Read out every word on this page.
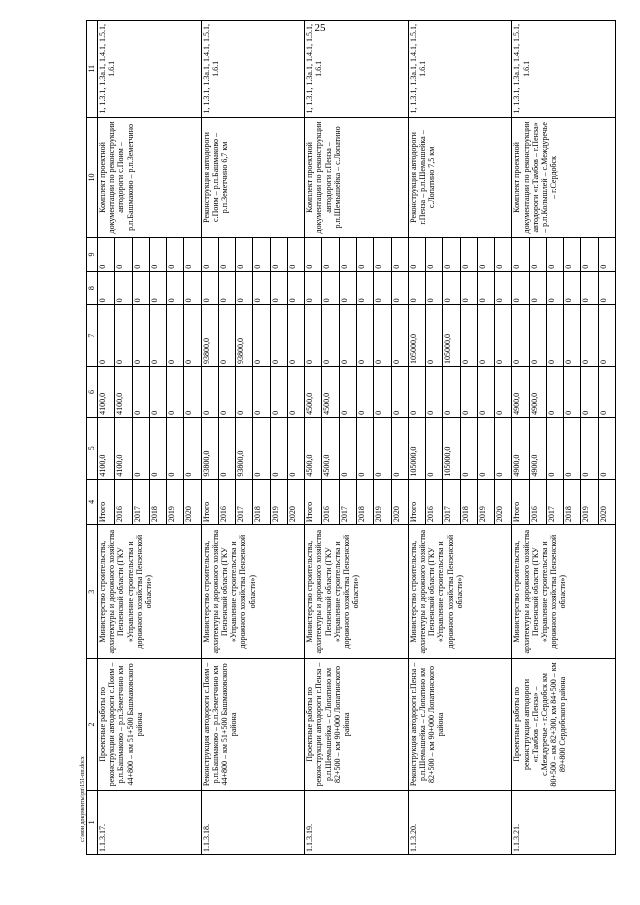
25
c:\мои документы\рп\151-пп.docx 1	2	3	4	5	6	7	8	9	10	11
1.1.3.17.	Проектные работы по реконструкции автодороги с.Поим – р.п.Башмаково – р.п.Земетчино км 44+800 – км 51+500 Башмаковского района	Министерство строительства, архитектуры и дорожного хозяйства Пензенской области (ГКУ «Управление строительства и дорожного хозяйства Пензенской области»)	Итого	4100,0	4100,0	0	0	0	Комплект проектной документации по реконструкции автодороги с.Поим – р.п.Башмаково – р.п.Земетчино	1, 1.3.1, 1.3a.1, 1.4.1, 1.5.1, 1.6.1
			2016	4100,0	4100,0	0	0	0		
			2017	0	0	0	0	0		
			2018	0	0	0	0	0		
			2019	0	0	0	0	0		
			2020	0	0	0	0	0		
1.1.3.18.	Реконструкция автодороги с.Поим – р.п.Башмаково – р.п.Земетчино км 44+800 – км 51+500 Башмаковского района	Министерство строительства, архитектуры и дорожного хозяйства Пензенской области (ГКУ «Управление строительства и дорожного хозяйства Пензенской области»)	Итого	93800,0	0	93800,0	0	0	Реконструкция автодороги с.Поим – р.п.Башмаково – р.п.Земетчино 6,7 км	1, 1.3.1, 1.3a.1, 1.4.1, 1.5.1, 1.6.1
			2016	0	0	0	0	0		
			2017	93800,0	0	93800,0	0	0		
			2018	0	0	0	0	0		
			2019	0	0	0	0	0		
			2020	0	0	0	0	0		
1.1.3.19.	Проектные работы по реконструкции автодороги г.Пенза – р.п.Шемышейка – с.Лопатино км 82+500 – км 90+000 Лопатинского района	Министерство строительства, архитектуры и дорожного хозяйства Пензенской области (ГКУ «Управление строительства и дорожного хозяйства Пензенской области»)	Итого	4500,0	4500,0	0	0	0	Комплект проектной документации по реконструкции автодороги г.Пенза – р.п.Шемышейка – с.Лопатино	1, 1.3.1, 1.3a.1, 1.4.1, 1.5.1, 1.6.1
			2016	4500,0	4500,0	0	0	0		
			2017	0	0	0	0	0		
			2018	0	0	0	0	0		
			2019	0	0	0	0	0		
			2020	0	0	0	0	0		
1.1.3.20.	Реконструкция автодороги г.Пенза – р.п.Шемышейка – с.Лопатино км 82+500 – км 90+000 Лопатинского района	Министерство строительства, архитектуры и дорожного хозяйства Пензенской области (ГКУ «Управление строительства и дорожного хозяйства Пензенской области»)	Итого	105000,0	0	105000,0	0	0	Реконструкция автодороги г.Пенза – р.п.Шемышейка – с.Лопатино 7,5 км	1, 1.3.1, 1.3a.1, 1.4.1, 1.5.1, 1.6.1
			2016	0	0	0	0	0		
			2017	105000,0	0	105000,0	0	0		
			2018	0	0	0	0	0		
			2019	0	0	0	0	0		
			2020	0	0	0	0	0		
1.1.3.21.	Проектные работы по реконструкции автодороги «г.Тамбов – г.Пенза» – с.Междуречье - г.Сердобск км 80+500 – км 82+300, км 84+500 – км 89+800 Сердобского района	Министерство строительства, архитектуры и дорожного хозяйства Пензенской области (ГКУ «Управление строительства и дорожного хозяйства Пензенской области»)	Итого	4900,0	4900,0	0	0	0	Комплект проектной документации по реконструкции автодороги «г.Тамбов – г.Пенза» – р.п.Колышлей – с.Междуречье – г.Сердобск	1, 1.3.1, 1.3a.1, 1.4.1, 1.5.1, 1.6.1
			2016	4900,0	4900,0	0	0	0		
			2017	0	0	0	0	0		
			2018	0	0	0	0	0		
			2019	0	0	0	0	0		
			2020	0	0	0	0	0		
